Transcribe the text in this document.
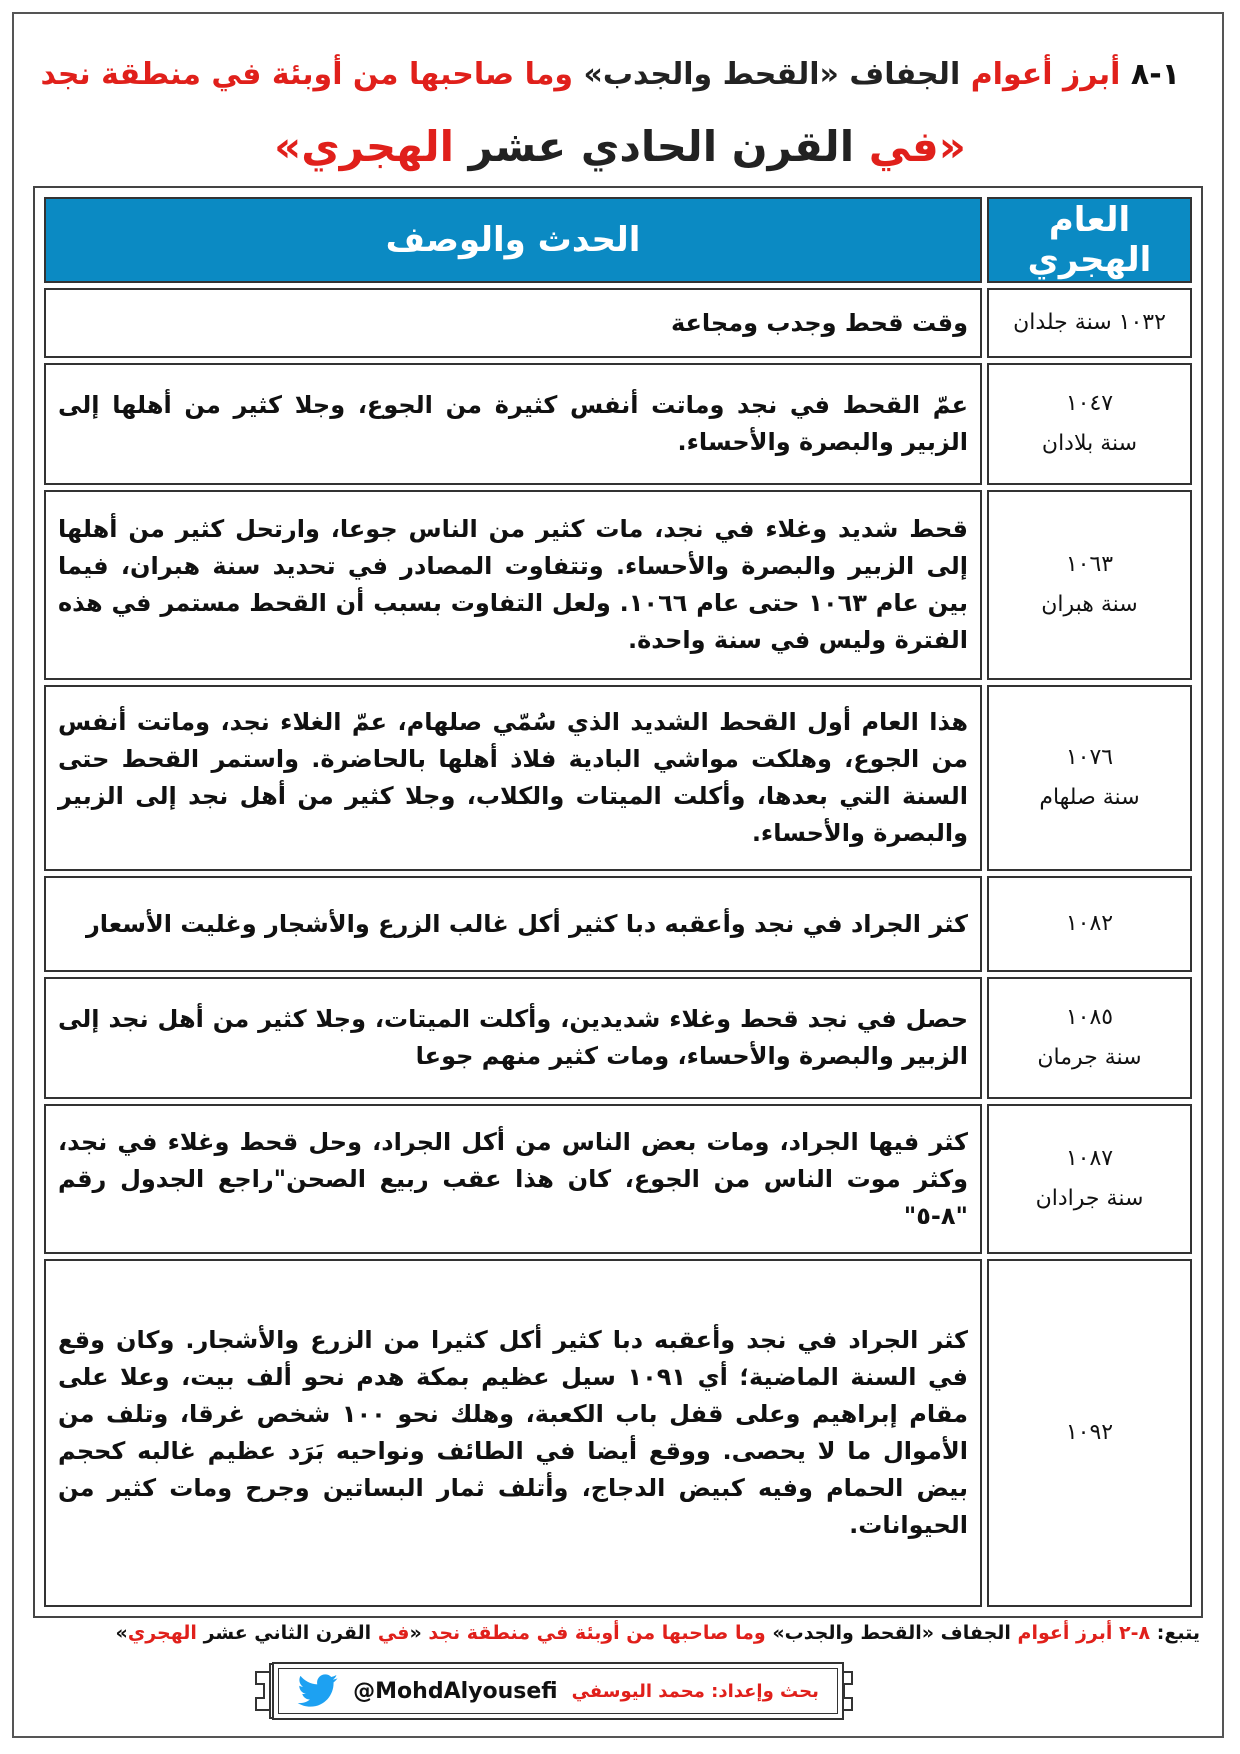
١-٨ أبرز أعوام الجفاف «القحط والجدب» وما صاحبها من أوبئة في منطقة نجد
«في القرن الحادي عشر الهجري»
العام الهجري	الحدث والوصف

١٠٣٢ سنة جلدان	وقت قحط وجدب ومجاعة

١٠٤٧
سنة بلادان	عمّ القحط في نجد وماتت أنفس كثيرة من الجوع، وجلا كثير من أهلها إلى الزبير والبصرة والأحساء.

١٠٦٣
سنة هبران	قحط شديد وغلاء في نجد، مات كثير من الناس جوعا، وارتحل كثير من أهلها إلى الزبير والبصرة والأحساء. وتتفاوت المصادر في تحديد سنة هبران، فيما بين عام ١٠٦٣ حتى عام ١٠٦٦. ولعل التفاوت بسبب أن القحط مستمر في هذه الفترة وليس في سنة واحدة.

١٠٧٦
سنة صلهام	هذا العام أول القحط الشديد الذي سُمّي صلهام، عمّ الغلاء نجد، وماتت أنفس من الجوع، وهلكت مواشي البادية فلاذ أهلها بالحاضرة. واستمر القحط حتى السنة التي بعدها، وأكلت الميتات والكلاب، وجلا كثير من أهل نجد إلى الزبير والبصرة والأحساء.

١٠٨٢	كثر الجراد في نجد وأعقبه دبا كثير أكل غالب الزرع والأشجار وغليت الأسعار

١٠٨٥
سنة جرمان	حصل في نجد قحط وغلاء شديدين، وأكلت الميتات، وجلا كثير من أهل نجد إلى الزبير والبصرة والأحساء، ومات كثير منهم جوعا

١٠٨٧
سنة جرادان	كثر فيها الجراد، ومات بعض الناس من أكل الجراد، وحل قحط وغلاء في نجد، وكثر موت الناس من الجوع، كان هذا عقب ربيع الصحن"راجع الجدول رقم "٨-٥"

١٠٩٢	كثر الجراد في نجد وأعقبه دبا كثير أكل كثيرا من الزرع والأشجار. وكان وقع في السنة الماضية؛ أي ١٠٩١ سيل عظيم بمكة هدم نحو ألف بيت، وعلا على مقام إبراهيم وعلى قفل باب الكعبة، وهلك نحو ١٠٠ شخص غرقا، وتلف من الأموال ما لا يحصى. ووقع أيضا في الطائف ونواحيه بَرَد عظيم غالبه كحجم بيض الحمام وفيه كبيض الدجاج، وأتلف ثمار البساتين وجرح ومات كثير من الحيوانات.
يتبع: ٨-٢ أبرز أعوام الجفاف «القحط والجدب» وما صاحبها من أوبئة في منطقة نجد «في القرن الثاني عشر الهجري»
بحث وإعداد: محمد اليوسفي
@MohdAlyousefi
